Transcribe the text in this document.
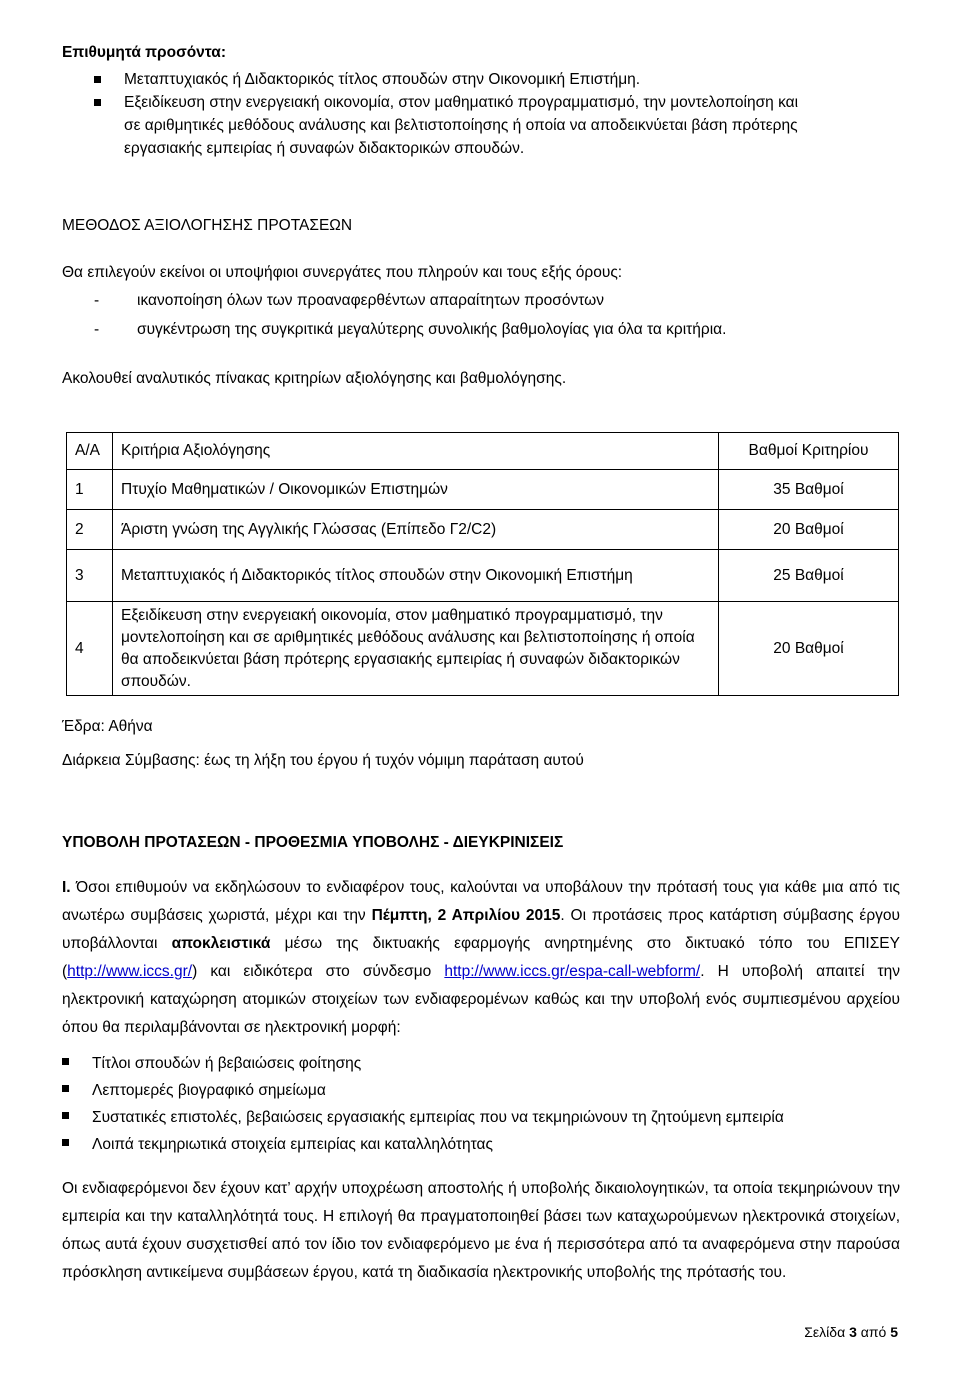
Επιθυμητά προσόντα:
Μεταπτυχιακός ή Διδακτορικός τίτλος σπουδών στην Οικονομική Επιστήμη.
Εξειδίκευση στην ενεργειακή οικονομία, στον μαθηματικό προγραμματισμό, την μοντελοποίηση και
σε αριθμητικές μεθόδους ανάλυσης και βελτιστοποίησης ή οποία να αποδεικνύεται βάση πρότερης
εργασιακής εμπειρίας ή συναφών διδακτορικών σπουδών.
ΜΕΘΟΔΟΣ ΑΞΙΟΛΟΓΗΣΗΣ ΠΡΟΤΑΣΕΩΝ
Θα επιλεγούν εκείνοι οι υποψήφιοι συνεργάτες που πληρούν και τους εξής όρους:
- ικανοποίηση όλων των προαναφερθέντων απαραίτητων προσόντων
- συγκέντρωση της συγκριτικά μεγαλύτερης συνολικής βαθμολογίας για όλα τα κριτήρια.
Ακολουθεί αναλυτικός πίνακας κριτηρίων αξιολόγησης και βαθμολόγησης.
Α/Α	Κριτήρια Αξιολόγησης	Βαθμοί Κριτηρίου
1	Πτυχίο Μαθηματικών / Οικονομικών Επιστημών	35 Βαθμοί
2	Άριστη γνώση της Αγγλικής Γλώσσας (Επίπεδο Γ2/C2)	20 Βαθμοί
3	Μεταπτυχιακός ή Διδακτορικός τίτλος σπουδών στην Οικονομική Επιστήμη	25 Βαθμοί
4	Εξειδίκευση στην ενεργειακή οικονομία, στον μαθηματικό προγραμματισμό, την μοντελοποίηση και σε αριθμητικές μεθόδους ανάλυσης και βελτιστοποίησης ή οποία θα αποδεικνύεται βάση πρότερης εργασιακής εμπειρίας ή συναφών διδακτορικών σπουδών.	20 Βαθμοί
Έδρα: Αθήνα
Διάρκεια Σύμβασης: έως τη λήξη του έργου ή τυχόν νόμιμη παράταση αυτού
ΥΠΟΒΟΛΗ ΠΡΟΤΑΣΕΩΝ - ΠΡΟΘΕΣΜΙΑ ΥΠΟΒΟΛΗΣ - ΔΙΕΥΚΡΙΝΙΣΕΙΣ
Ι. Όσοι επιθυμούν να εκδηλώσουν το ενδιαφέρον τους, καλούνται να υποβάλουν την πρότασή τους για κάθε μια από τις ανωτέρω συμβάσεις χωριστά, μέχρι και την Πέμπτη, 2 Απριλίου 2015. Οι προτάσεις προς κατάρτιση σύμβασης έργου υποβάλλονται αποκλειστικά μέσω της δικτυακής εφαρμογής ανηρτημένης στο δικτυακό τόπο του ΕΠΙΣΕΥ (http://www.iccs.gr/) και ειδικότερα στο σύνδεσμο http://www.iccs.gr/espa-call-webform/. Η υποβολή απαιτεί την ηλεκτρονική καταχώρηση ατομικών στοιχείων των ενδιαφερομένων καθώς και την υποβολή ενός συμπιεσμένου αρχείου όπου θα περιλαμβάνονται σε ηλεκτρονική μορφή:
Τίτλοι σπουδών ή βεβαιώσεις φοίτησης
Λεπτομερές βιογραφικό σημείωμα
Συστατικές επιστολές, βεβαιώσεις εργασιακής εμπειρίας που να τεκμηριώνουν τη ζητούμενη εμπειρία
Λοιπά τεκμηριωτικά στοιχεία εμπειρίας και καταλληλότητας
Οι ενδιαφερόμενοι δεν έχουν κατ’ αρχήν υποχρέωση αποστολής ή υποβολής δικαιολογητικών, τα οποία τεκμηριώνουν την εμπειρία και την καταλληλότητά τους. Η επιλογή θα πραγματοποιηθεί βάσει των καταχωρούμενων ηλεκτρονικά στοιχείων, όπως αυτά έχουν συσχετισθεί από τον ίδιο τον ενδιαφερόμενο με ένα ή περισσότερα από τα αναφερόμενα στην παρούσα πρόσκληση αντικείμενα συμβάσεων έργου, κατά τη διαδικασία ηλεκτρονικής υποβολής της πρότασής του.
Σελίδα 3 από 5
